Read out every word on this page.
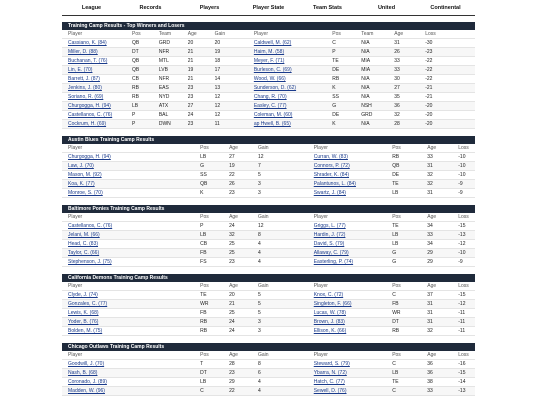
League	Records	Players	Player State	Team Stats	United	Continental
Training Camp Results - Top Winners and Losers
Player	Pos	Team	Age	Gain	Player	Pos	Team	Age	Loss
Cassiano, K. (84)	QB	GRD	20	20	Caldwell, M. (62)	C	N/A	31	-30
Miller, D. (88)	DT	NFR	21	19	Haim, M. (58)	P	N/A	26	-23
Buchanan, T. (76)	QB	MTL	21	18	Meyer, F. (71)	TE	MIA	33	-22
Lin, E. (70)	QB	LVB	19	17	Burleson, C. (69)	DE	MIA	33	-22
Barrett, J. (87)	CB	NFR	21	14	Wood, W. (66)	RB	N/A	30	-22
Jenkins, J. (80)	RB	EAS	23	13	Sunderson, D. (62)	K	N/A	27	-21
Soriano, R. (69)	RB	NYD	23	12	Chang, R. (70)	SS	N/A	35	-21
Churgogga, H. (94)	LB	ATX	27	12	Easley, C. (77)	G	NSH	36	-20
Castellanos, C. (76)	P	BAL	24	12	Coleman, M. (60)	DE	GRD	32	-20
Cockrum, H. (69)	P	DWN	23	11	ap Hwell, B. (65)	K	N/A	28	-20
Austin Blues Training Camp Results
Player	Pos	Age	Gain	Player	Pos	Age	Loss
Churgogga, H. (94)	LB	27	12	Curran, W. (83)	RB	33	-10
Law, J. (70)	G	19	7	Connors, P. (72)	QB	31	-10
Mason, M. (92)	SS	22	5	Shrader, K. (84)	DE	32	-10
Koa, K. (77)	QB	26	3	Palantunos, L. (84)	TE	32	-9
Monroe, S. (70)	K	23	3	Swartz, J. (84)	LB	31	-9
Baltimore Ponies Training Camp Results
Player	Pos	Age	Gain	Player	Pos	Age	Loss
Castellanos, C. (76)	P	24	12	Griggs, L. (77)	TE	34	-15
Jelani, M. (66)	LB	32	8	Hardin, J. (72)	LB	33	-13
Head, C. (83)	CB	25	4	David, S. (79)	LB	34	-12
Taylor, C. (66)	FB	25	4	Allaway, C. (79)	G	29	-10
Stephenson, J. (75)	FS	23	4	Easterling, P. (74)	G	29	-9
California Demons Training Camp Results
Player	Pos	Age	Gain	Player	Pos	Age	Loss
Clyde, J. (74)	TE	20	5	Knox, C. (72)	C	37	-15
Gonzales, C. (77)	WR	21	5	Singleton, F. (66)	FB	31	-12
Lewis, K. (68)	FB	25	5	Lucas, W. (78)	WR	31	-11
Yoder, B. (76)	RB	24	3	Brown, J. (83)	DT	31	-11
Bolden, M. (75)	RB	24	3	Ellison, K. (66)	RB	32	-11
Chicago Outlaws Training Camp Results
Player	Pos	Age	Gain	Player	Pos	Age	Loss
Goodwill, J. (70)	T	28	8	Steward, S. (79)	C	36	-16
Nash, B. (68)	DT	23	6	Ybarra, N. (72)	LB	36	-15
Coronado, J. (89)	LB	29	4	Hatch, C. (77)	TE	38	-14
Madden, W. (96)	C	22	4	Sewell, D. (76)	C	33	-13
